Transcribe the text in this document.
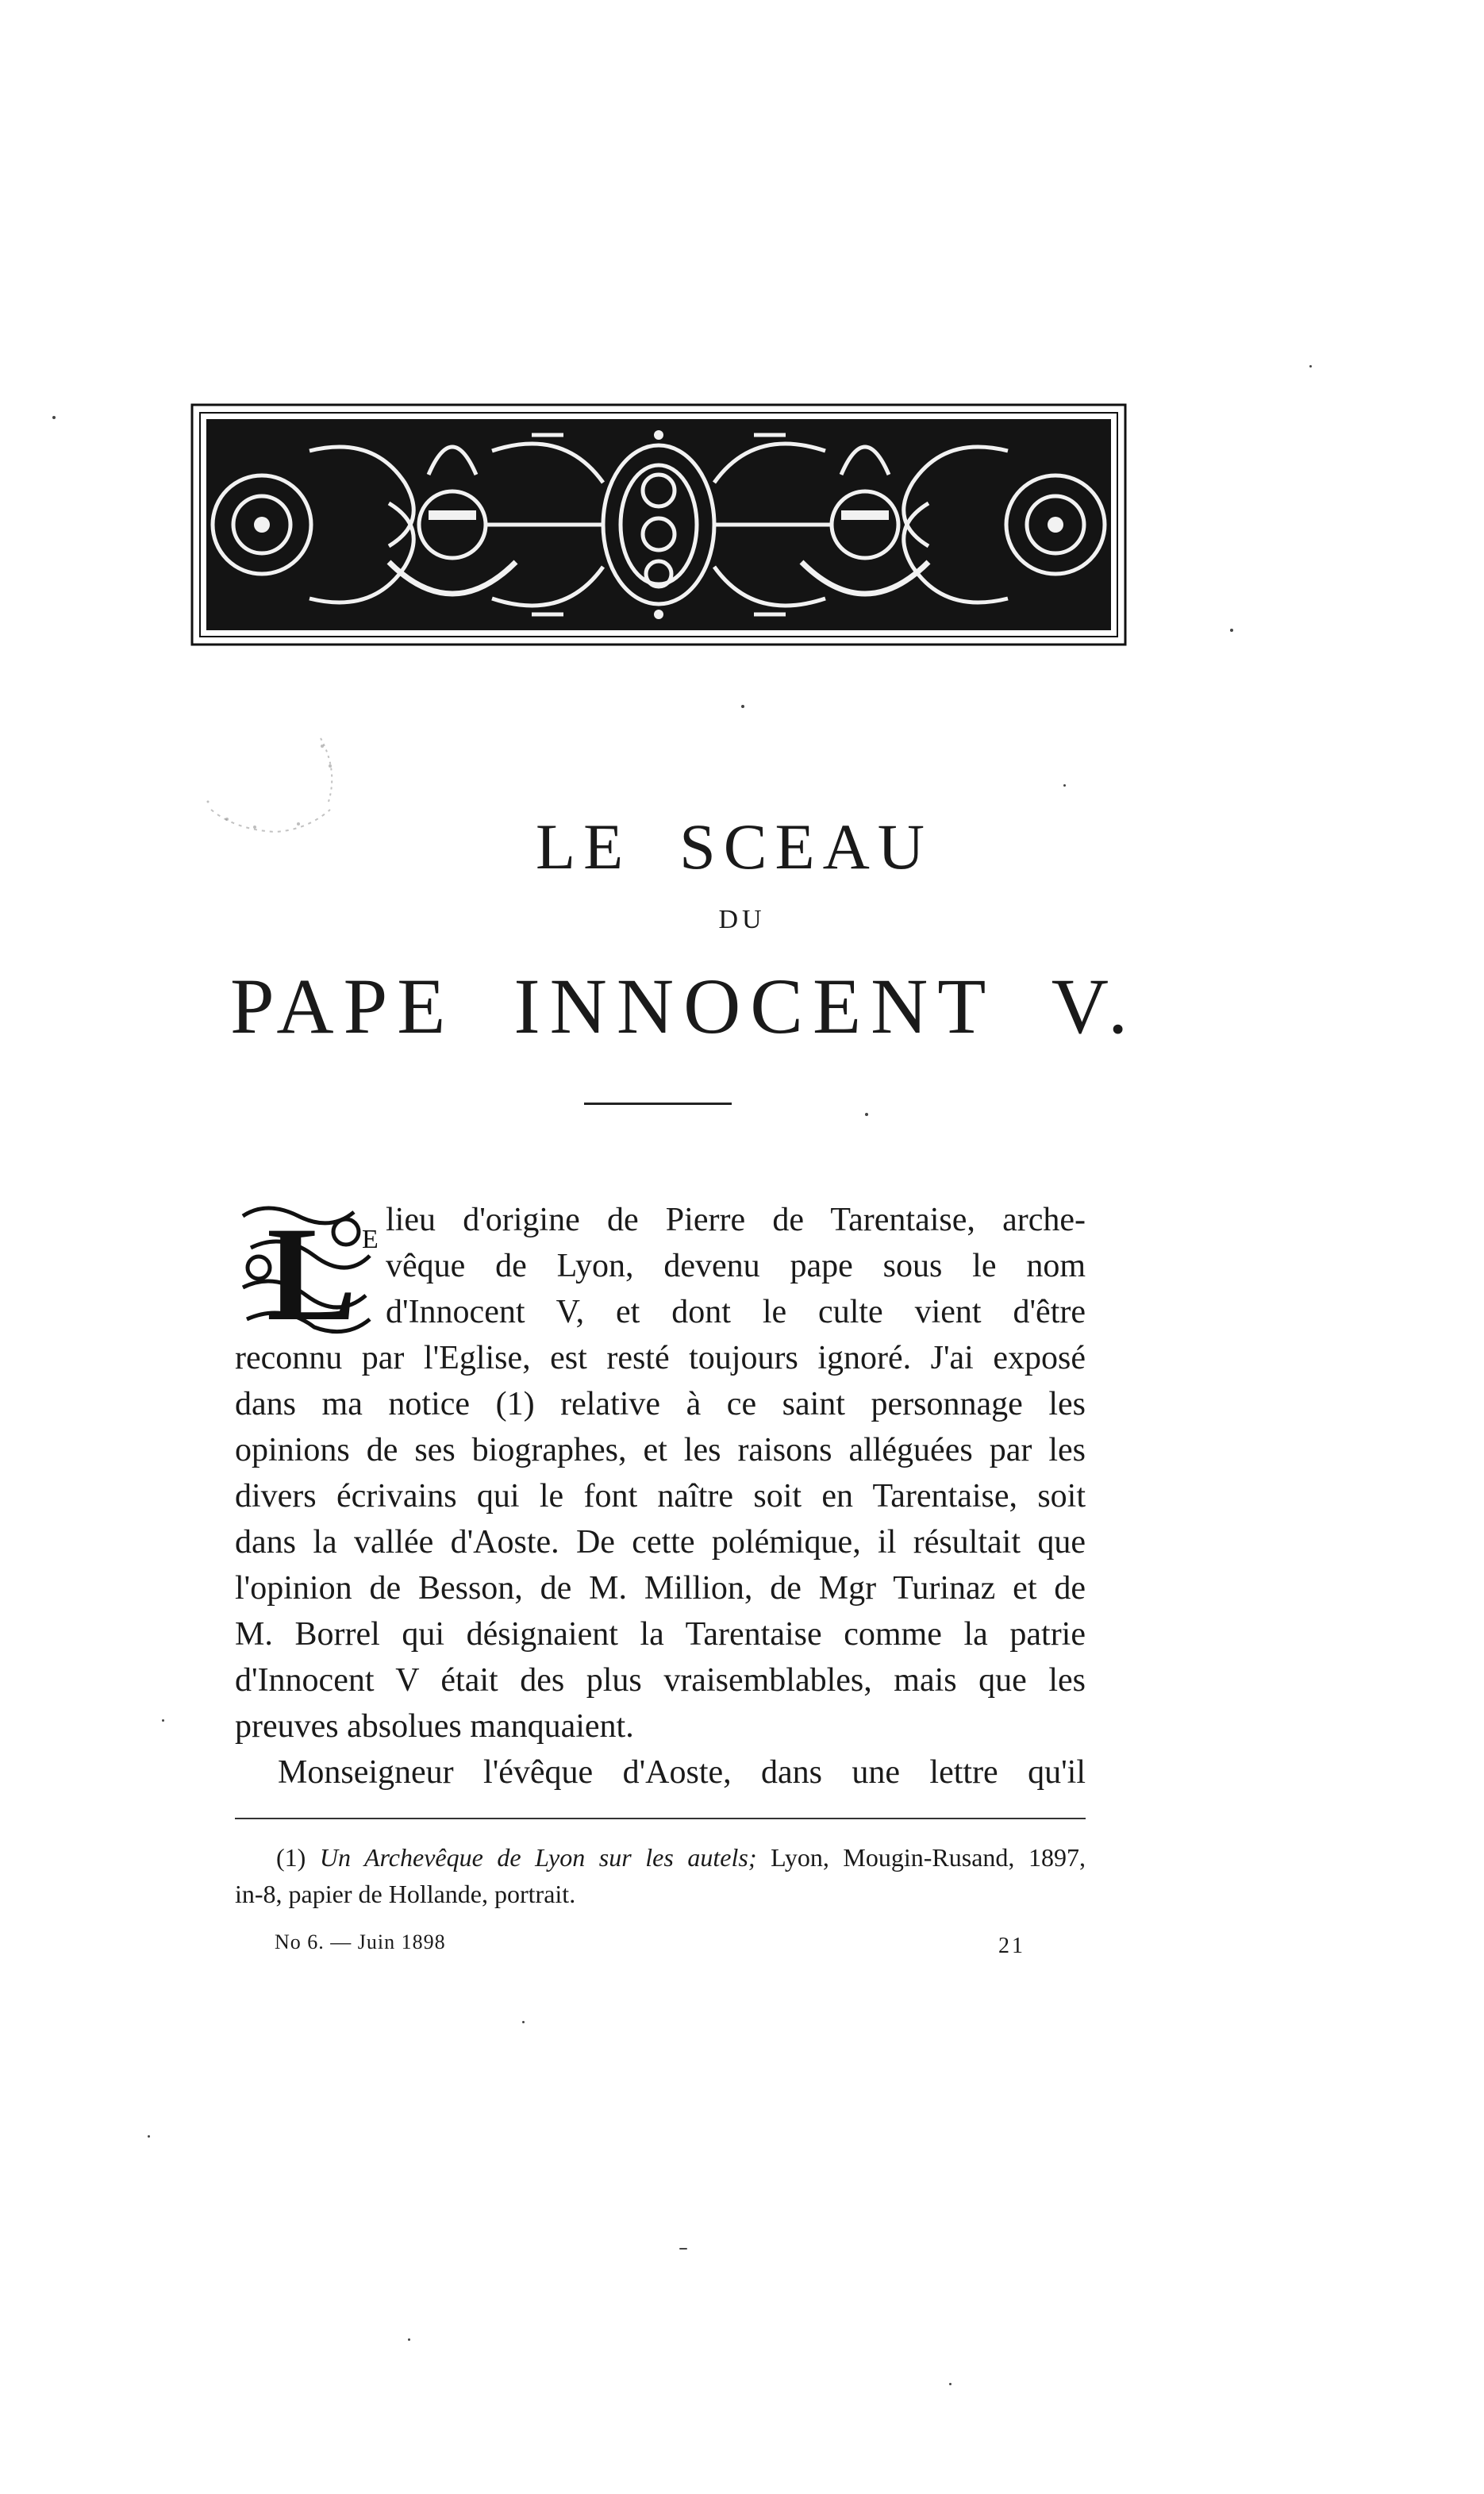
LE  SCEAU
DU
PAPE  INNOCENT  V.
L E
lieu d'origine de Pierre de Tarentaise, arche-
vêque de Lyon, devenu pape sous le nom
d'Innocent V, et dont le culte vient d'être
reconnu par l'Eglise, est resté toujours ignoré. J'ai exposé
dans ma notice (1) relative à ce saint personnage les
opinions de ses biographes, et les raisons alléguées par les
divers écrivains qui le font naître soit en Tarentaise, soit
dans la vallée d'Aoste. De cette polémique, il résultait que
l'opinion de Besson, de M. Million, de Mgr Turinaz et de
M. Borrel qui désignaient la Tarentaise comme la patrie
d'Innocent V était des plus vraisemblables, mais que les
preuves absolues manquaient.
Monseigneur l'évêque d'Aoste, dans une lettre qu'il
(1) Un Archevêque de Lyon sur les autels; Lyon, Mougin-Rusand, 1897,
in-8, papier de Hollande, portrait.
No 6. — Juin 1898	21
